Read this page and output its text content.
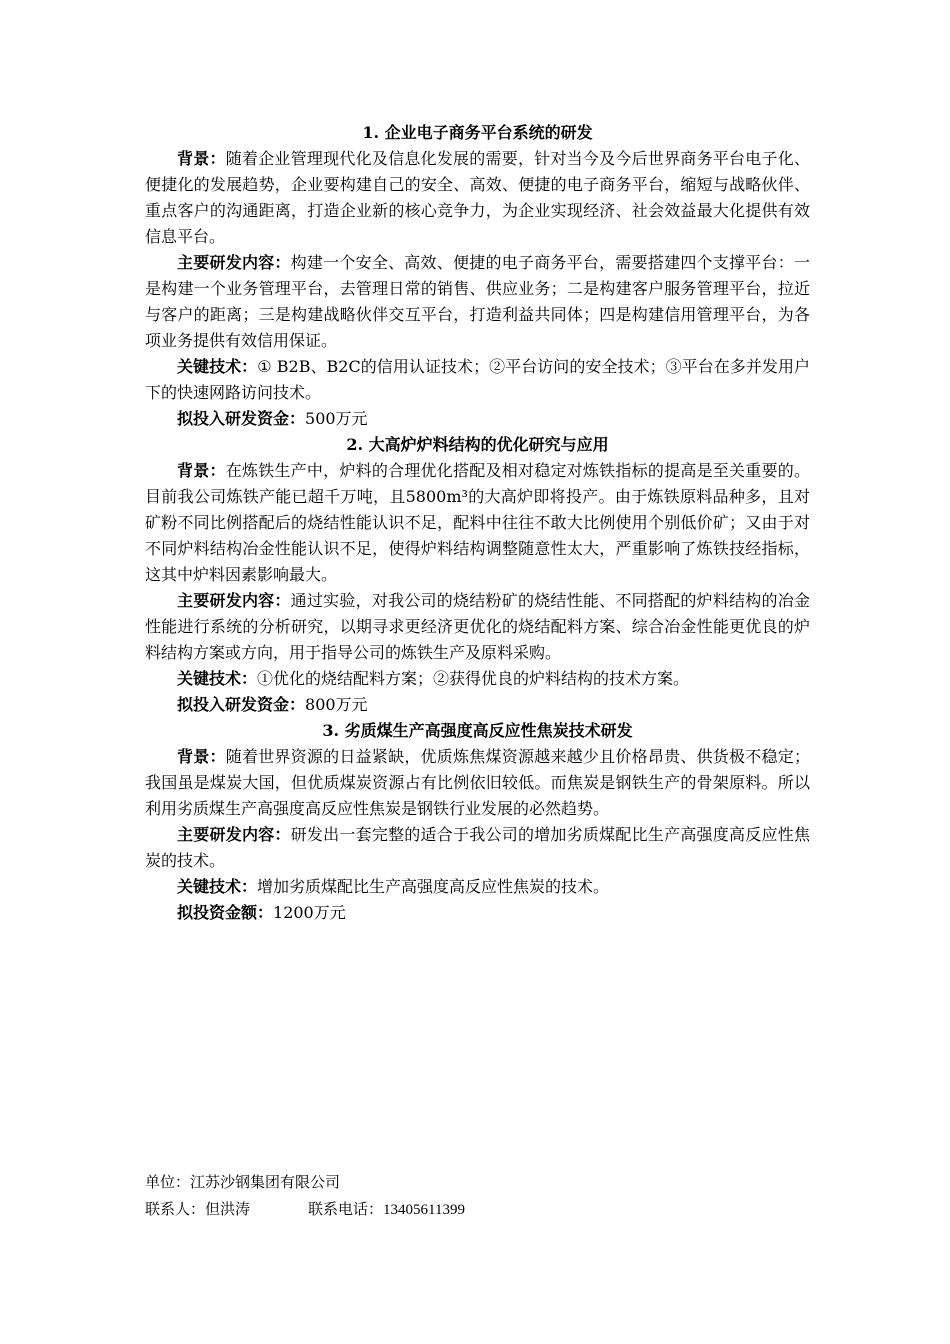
1. 企业电子商务平台系统的研发

背景：随着企业管理现代化及信息化发展的需要，针对当今及今后世界商务平台电子化、便捷化的发展趋势，企业要构建自己的安全、高效、便捷的电子商务平台，缩短与战略伙伴、重点客户的沟通距离，打造企业新的核心竞争力，为企业实现经济、社会效益最大化提供有效信息平台。

主要研发内容：构建一个安全、高效、便捷的电子商务平台，需要搭建四个支撑平台：一是构建一个业务管理平台，去管理日常的销售、供应业务；二是构建客户服务管理平台，拉近与客户的距离；三是构建战略伙伴交互平台，打造利益共同体；四是构建信用管理平台，为各项业务提供有效信用保证。

关键技术：① B2B、B2C的信用认证技术；②平台访问的安全技术；③平台在多并发用户下的快速网路访问技术。

拟投入研发资金：500万元

2. 大高炉炉料结构的优化研究与应用

背景：在炼铁生产中，炉料的合理优化搭配及相对稳定对炼铁指标的提高是至关重要的。目前我公司炼铁产能已超千万吨，且5800m³的大高炉即将投产。由于炼铁原料品种多，且对矿粉不同比例搭配后的烧结性能认识不足，配料中往往不敢大比例使用个别低价矿；又由于对不同炉料结构冶金性能认识不足，使得炉料结构调整随意性太大，严重影响了炼铁技经指标，这其中炉料因素影响最大。

主要研发内容：通过实验，对我公司的烧结粉矿的烧结性能、不同搭配的炉料结构的冶金性能进行系统的分析研究，以期寻求更经济更优化的烧结配料方案、综合冶金性能更优良的炉料结构方案或方向，用于指导公司的炼铁生产及原料采购。

关键技术：①优化的烧结配料方案；②获得优良的炉料结构的技术方案。

拟投入研发资金：800万元

3. 劣质煤生产高强度高反应性焦炭技术研发

背景：随着世界资源的日益紧缺，优质炼焦煤资源越来越少且价格昂贵、供货极不稳定；我国虽是煤炭大国，但优质煤炭资源占有比例依旧较低。而焦炭是钢铁生产的骨架原料。所以利用劣质煤生产高强度高反应性焦炭是钢铁行业发展的必然趋势。

主要研发内容：研发出一套完整的适合于我公司的增加劣质煤配比生产高强度高反应性焦炭的技术。

关键技术：增加劣质煤配比生产高强度高反应性焦炭的技术。

拟投资金额：1200万元

单位：江苏沙钢集团有限公司
联系人：但洪涛	联系电话：13405611399
